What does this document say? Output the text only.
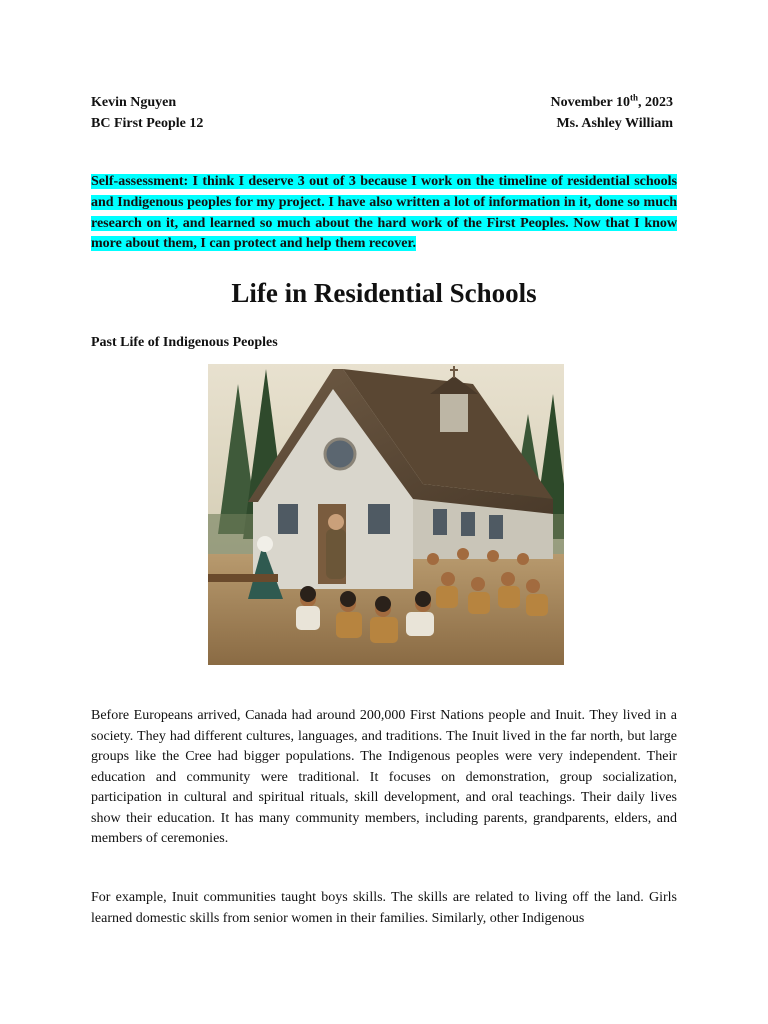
Kevin Nguyen
BC First People 12
November 10th, 2023
Ms. Ashley William
Self-assessment: I think I deserve 3 out of 3 because I work on the timeline of residential schools and Indigenous peoples for my project. I have also written a lot of information in it, done so much research on it, and learned so much about the hard work of the First Peoples. Now that I know more about them, I can protect and help them recover.
Life in Residential Schools
Past Life of Indigenous Peoples
Before Europeans arrived, Canada had around 200,000 First Nations people and Inuit. They lived in a society. They had different cultures, languages, and traditions. The Inuit lived in the far north, but large groups like the Cree had bigger populations. The Indigenous peoples were very independent. Their education and community were traditional. It focuses on demonstration, group socialization, participation in cultural and spiritual rituals, skill development, and oral teachings. Their daily lives show their education. It has many community members, including parents, grandparents, elders, and members of ceremonies.
For example, Inuit communities taught boys skills. The skills are related to living off the land. Girls learned domestic skills from senior women in their families. Similarly, other Indigenous
